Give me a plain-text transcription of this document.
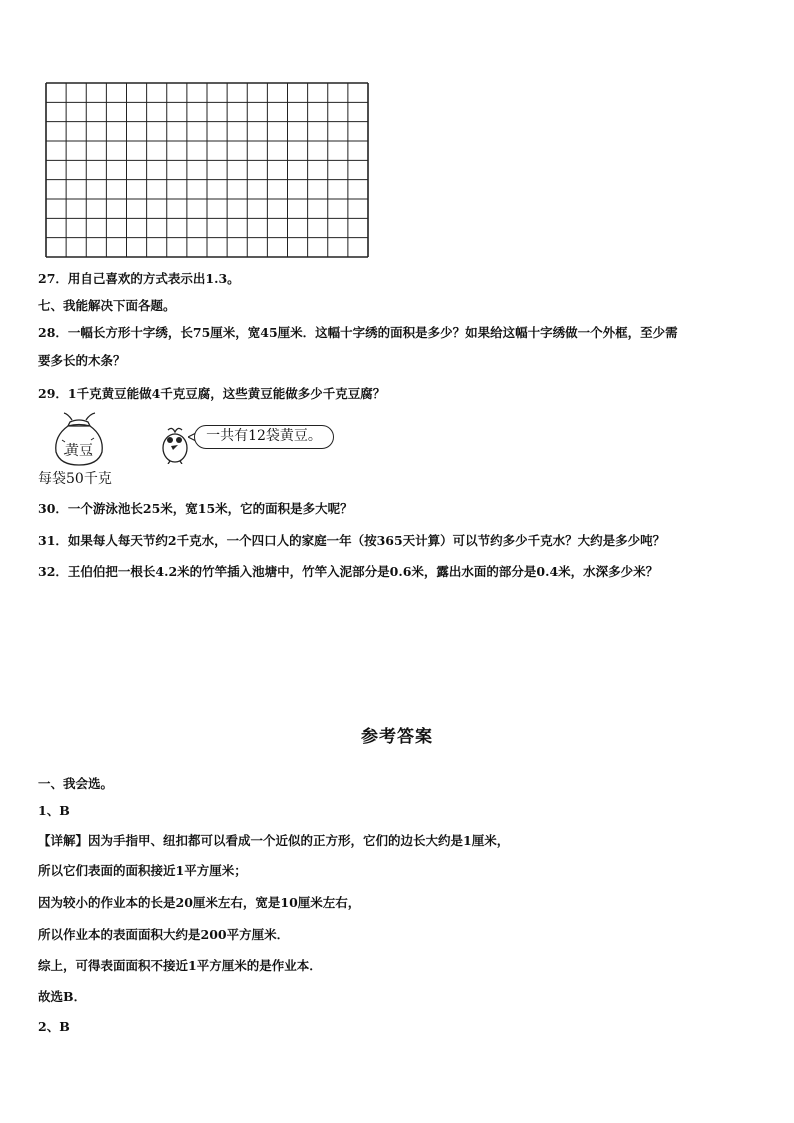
27．用自己喜欢的方式表示出1.3。
七、我能解决下面各题。
28．一幅长方形十字绣，长75厘米，宽45厘米．这幅十字绣的面积是多少？如果给这幅十字绣做一个外框，至少需
要多长的木条？
29．1千克黄豆能做4千克豆腐，这些黄豆能做多少千克豆腐？
黄豆
一共有12袋黄豆。
每袋50千克
30．一个游泳池长25米，宽15米，它的面积是多大呢？
31．如果每人每天节约2千克水，一个四口人的家庭一年（按365天计算）可以节约多少千克水？大约是多少吨？
32．王伯伯把一根长4.2米的竹竿插入池塘中，竹竿入泥部分是0.6米，露出水面的部分是0.4米，水深多少米？
参考答案
一、我会选。
1、B
【详解】因为手指甲、纽扣都可以看成一个近似的正方形，它们的边长大约是1厘米，
所以它们表面的面积接近1平方厘米；
因为较小的作业本的长是20厘米左右，宽是10厘米左右，
所以作业本的表面面积大约是200平方厘米．
综上，可得表面面积不接近1平方厘米的是作业本．
故选B．
2、B
